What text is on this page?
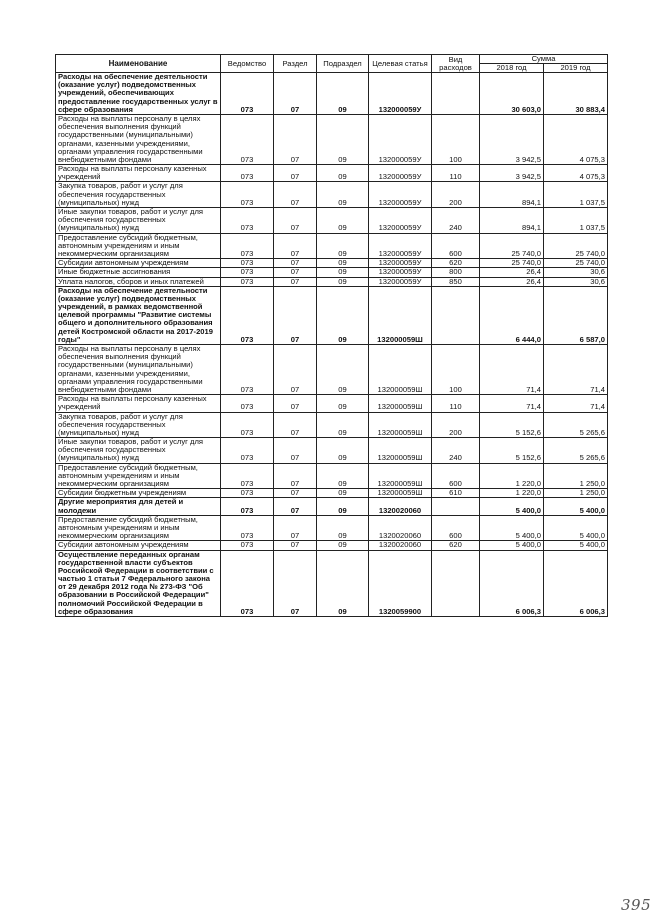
Наименование	Ведомство	Раздел	Подраздел	Целевая статья	Вид расходов	Сумма	
						2018 год	2019 год
Расходы на обеспечение деятельности (оказание услуг) подведомственных учреждений, обеспечивающих предоставление государственных услуг в сфере образования	073	07	09	132000059У		30 603,0	30 883,4
Расходы на выплаты персоналу в целях обеспечения выполнения функций государственными (муниципальными) органами, казенными учреждениями, органами управления государственными внебюджетными фондами	073	07	09	132000059У	100	3 942,5	4 075,3
Расходы на выплаты персоналу казенных учреждений	073	07	09	132000059У	110	3 942,5	4 075,3
Закупка товаров, работ и услуг для обеспечения государственных (муниципальных) нужд	073	07	09	132000059У	200	894,1	1 037,5
Иные закупки товаров, работ и услуг для обеспечения государственных (муниципальных) нужд	073	07	09	132000059У	240	894,1	1 037,5
Предоставление субсидий бюджетным, автономным учреждениям и иным некоммерческим организациям	073	07	09	132000059У	600	25 740,0	25 740,0
Субсидии автономным учреждениям	073	07	09	132000059У	620	25 740,0	25 740,0
Иные бюджетные ассигнования	073	07	09	132000059У	800	26,4	30,6
Уплата налогов, сборов и иных платежей	073	07	09	132000059У	850	26,4	30,6
Расходы на обеспечение деятельности (оказание услуг) подведомственных учреждений, в рамках ведомственной целевой программы "Развитие системы общего и дополнительного образования детей Костромской области на 2017-2019 годы"	073	07	09	132000059Ш		6 444,0	6 587,0
Расходы на выплаты персоналу в целях обеспечения выполнения функций государственными (муниципальными) органами, казенными учреждениями, органами управления государственными внебюджетными фондами	073	07	09	132000059Ш	100	71,4	71,4
Расходы на выплаты персоналу казенных учреждений	073	07	09	132000059Ш	110	71,4	71,4
Закупка товаров, работ и услуг для обеспечения государственных (муниципальных) нужд	073	07	09	132000059Ш	200	5 152,6	5 265,6
Иные закупки товаров, работ и услуг для обеспечения государственных (муниципальных) нужд	073	07	09	132000059Ш	240	5 152,6	5 265,6
Предоставление субсидий бюджетным, автономным учреждениям и иным некоммерческим организациям	073	07	09	132000059Ш	600	1 220,0	1 250,0
Субсидии бюджетным учреждениям	073	07	09	132000059Ш	610	1 220,0	1 250,0
Другие мероприятия для детей и молодежи	073	07	09	1320020060		5 400,0	5 400,0
Предоставление субсидий бюджетным, автономным учреждениям и иным некоммерческим организациям	073	07	09	1320020060	600	5 400,0	5 400,0
Субсидии автономным учреждениям	073	07	09	1320020060	620	5 400,0	5 400,0
Осуществление переданных органам государственной власти субъектов Российской Федерации в соответствии с частью 1 статьи 7 Федерального закона от 29 декабря 2012 года № 273-ФЗ "Об образовании в Российской Федерации" полномочий Российской Федерации в сфере образования	073	07	09	1320059900		6 006,3	6 006,3
395
